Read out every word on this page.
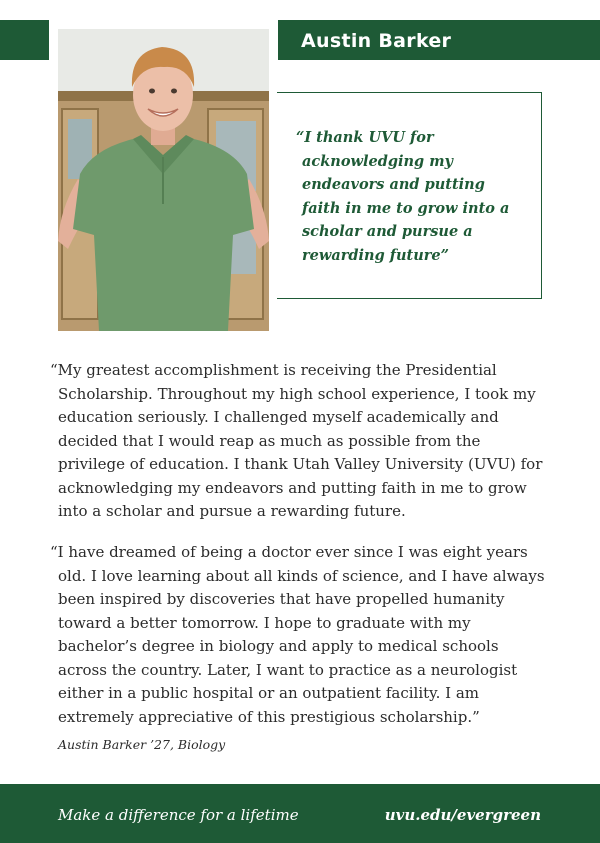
Austin Barker
“I thank UVU for acknowledging my endeavors and putting faith in me to grow into a scholar and pursue a rewarding future”

“My greatest accomplishment is receiving the Presidential Scholarship. Throughout my high school experience, I took my education seriously. I challenged myself academically and decided that I would reap as much as possible from the privilege of education. I thank Utah Valley University (UVU) for acknowledging my endeavors and putting faith in me to grow into a scholar and pursue a rewarding future.

“I have dreamed of being a doctor ever since I was eight years old. I love learning about all kinds of science, and I have always been inspired by discoveries that have propelled humanity toward a better tomorrow. I hope to graduate with my bachelor’s degree in biology and apply to medical schools across the country. Later, I want to practice as a neurologist either in a public hospital or an outpatient facility. I am extremely appreciative of this prestigious scholarship.”

Austin Barker ’27, Biology
Make a difference for a lifetime	uvu.edu/evergreen
